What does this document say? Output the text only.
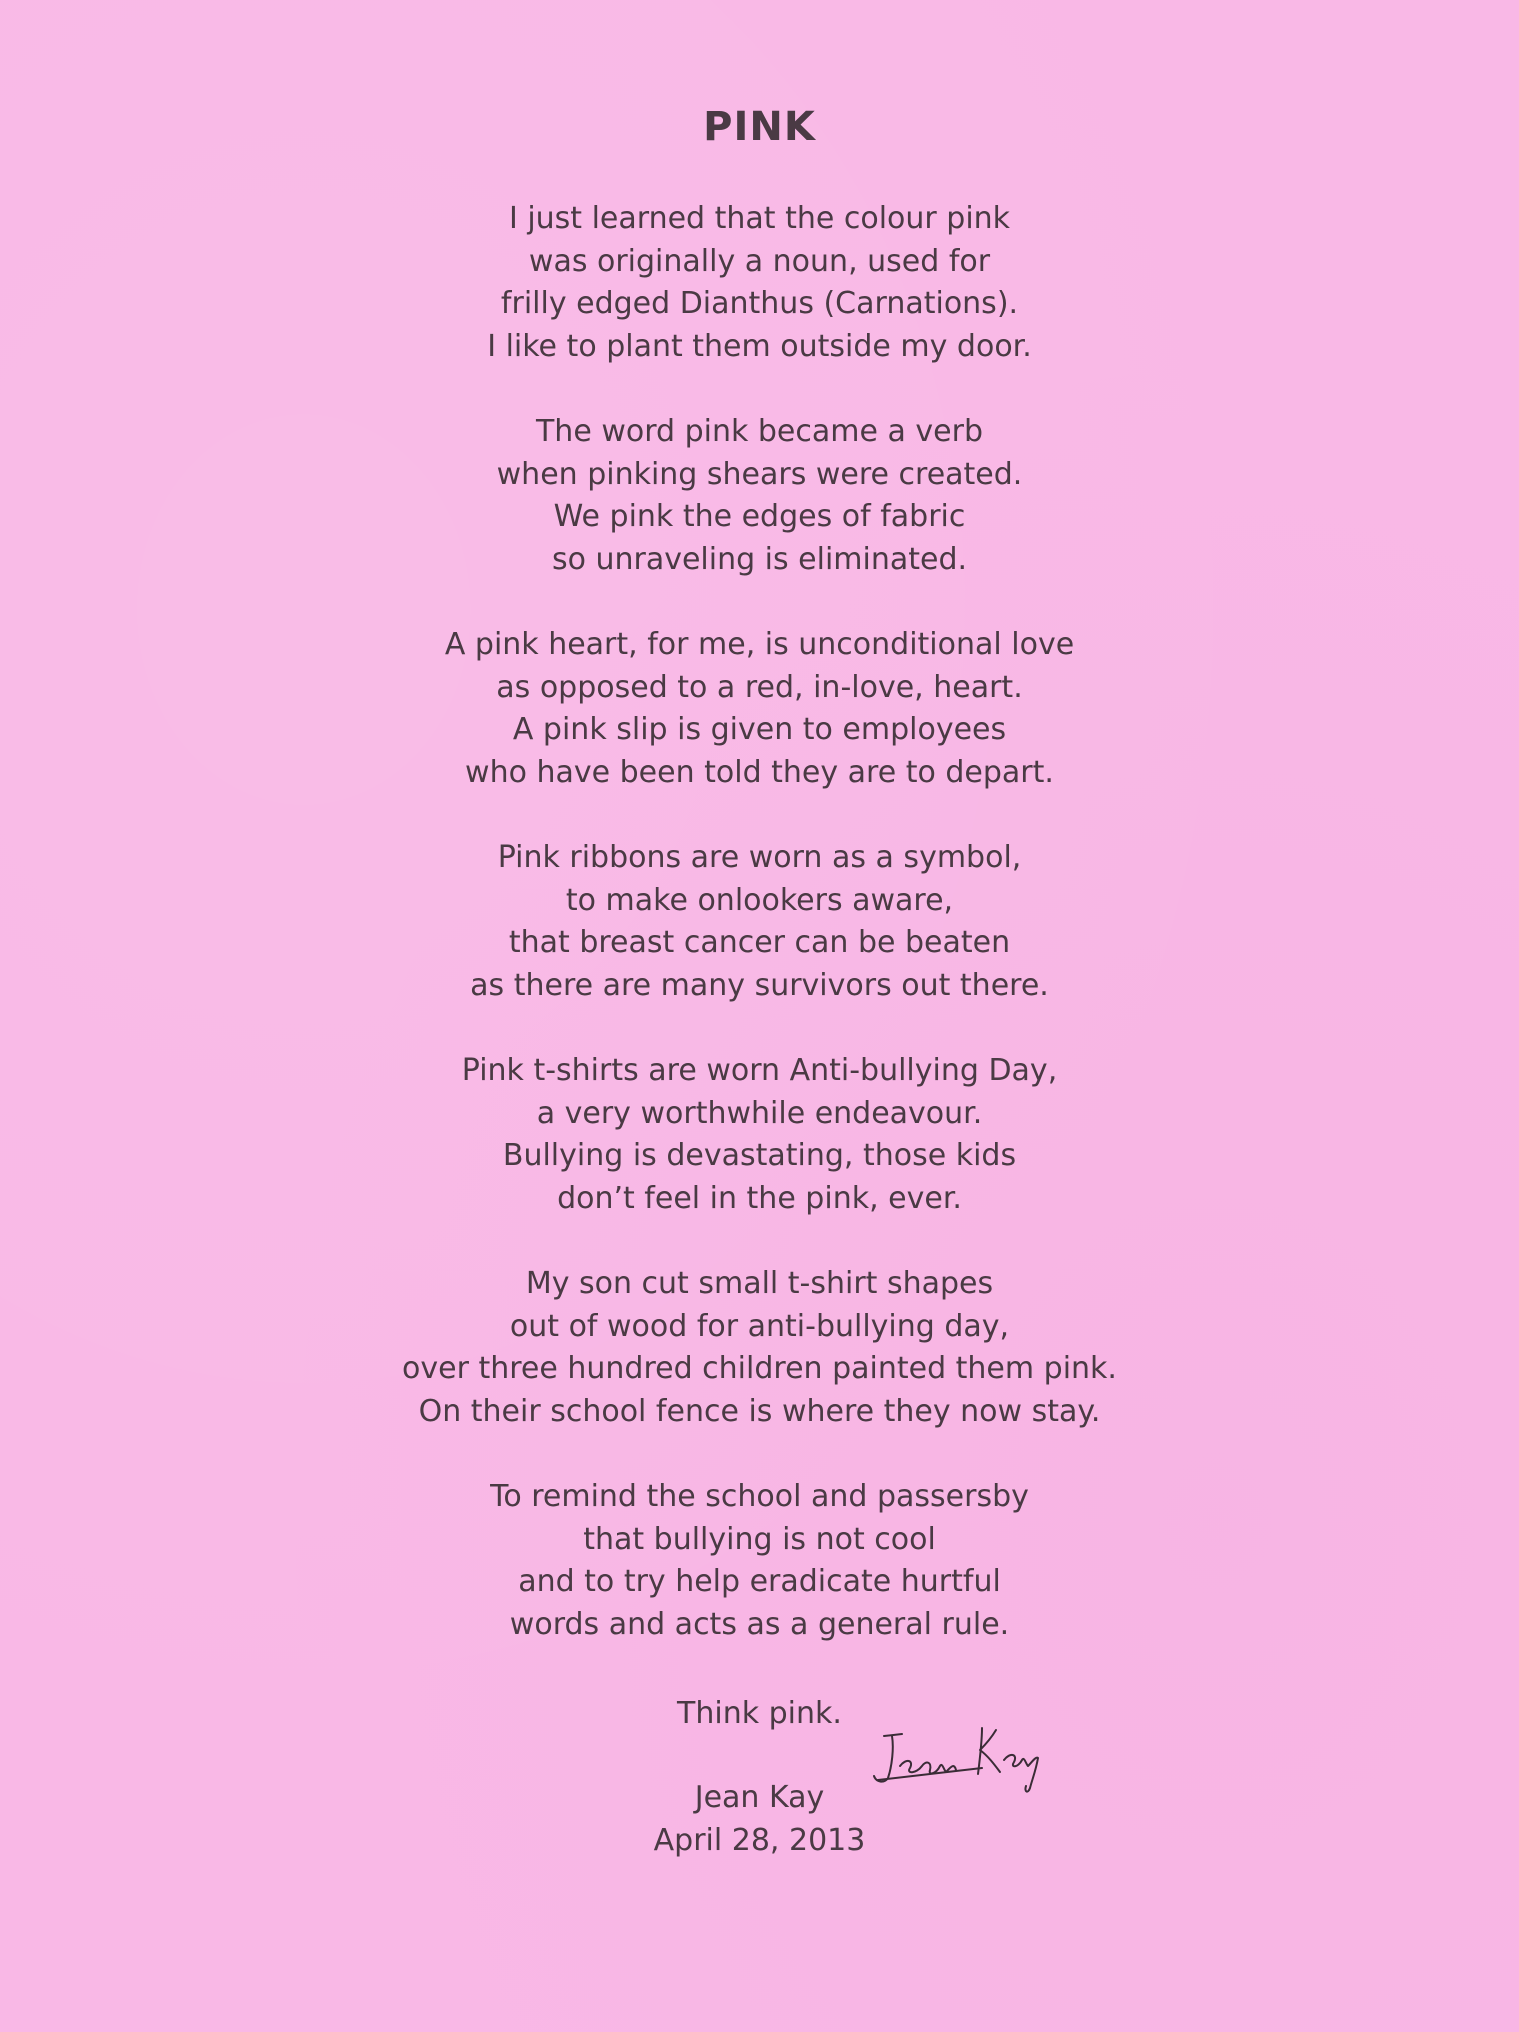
PINK
I just learned that the colour pink
was originally a noun, used for
frilly edged Dianthus (Carnations).
I like to plant them outside my door.
The word pink became a verb
when pinking shears were created.
We pink the edges of fabric
so unraveling is eliminated.
A pink heart, for me, is unconditional love
as opposed to a red, in-love, heart.
A pink slip is given to employees
who have been told they are to depart.
Pink ribbons are worn as a symbol,
to make onlookers aware,
that breast cancer can be beaten
as there are many survivors out there.
Pink t-shirts are worn Anti-bullying Day,
a very worthwhile endeavour.
Bullying is devastating, those kids
don’t feel in the pink, ever.
My son cut small t-shirt shapes
out of wood for anti-bullying day,
over three hundred children painted them pink.
On their school fence is where they now stay.
To remind the school and passersby
that bullying is not cool
and to try help eradicate hurtful
words and acts as a general rule.
Think pink.
Jean Kay
April 28, 2013
